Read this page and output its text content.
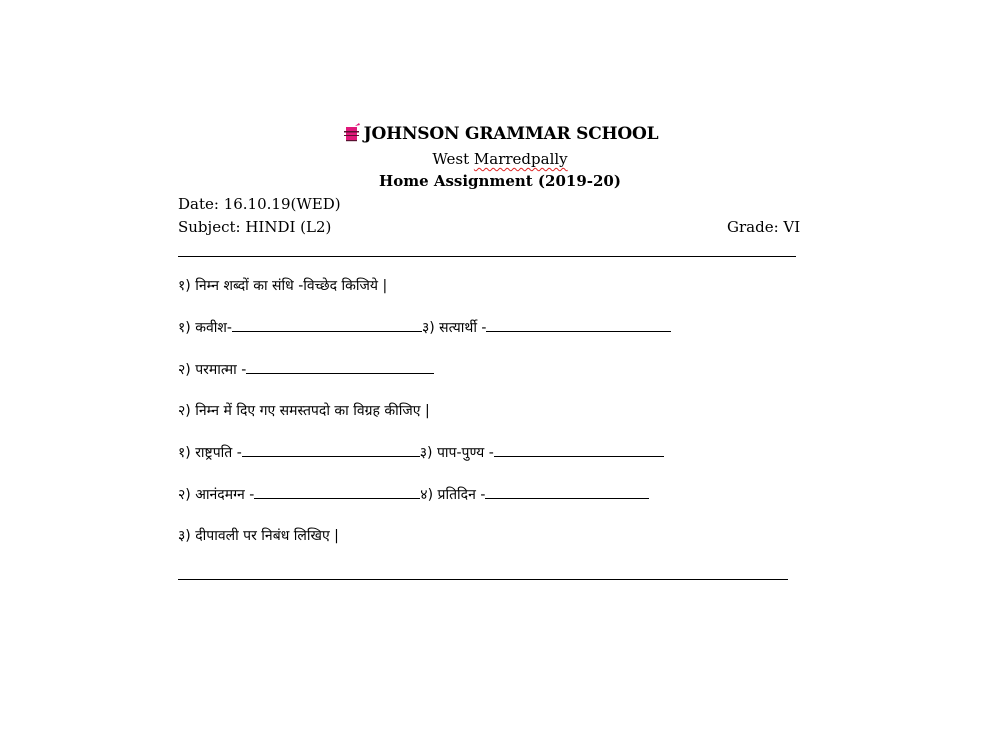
JOHNSON GRAMMAR SCHOOL
West Marredpally
Home Assignment (2019-20)
Date: 16.10.19(WED)
Subject: HINDI (L2)	Grade: VI
१) निम्न शब्दों का संधि -विच्छेद किजिये |
१) कवीश-	३) सत्यार्थी -
२) परमात्मा -
२) निम्न में दिए गए समस्तपदो का विग्रह कीजिए |
१) राष्ट्रपति -	३) पाप-पुण्य -
२) आनंदमग्न -	४) प्रतिदिन -
३) दीपावली पर निबंध लिखिए |
